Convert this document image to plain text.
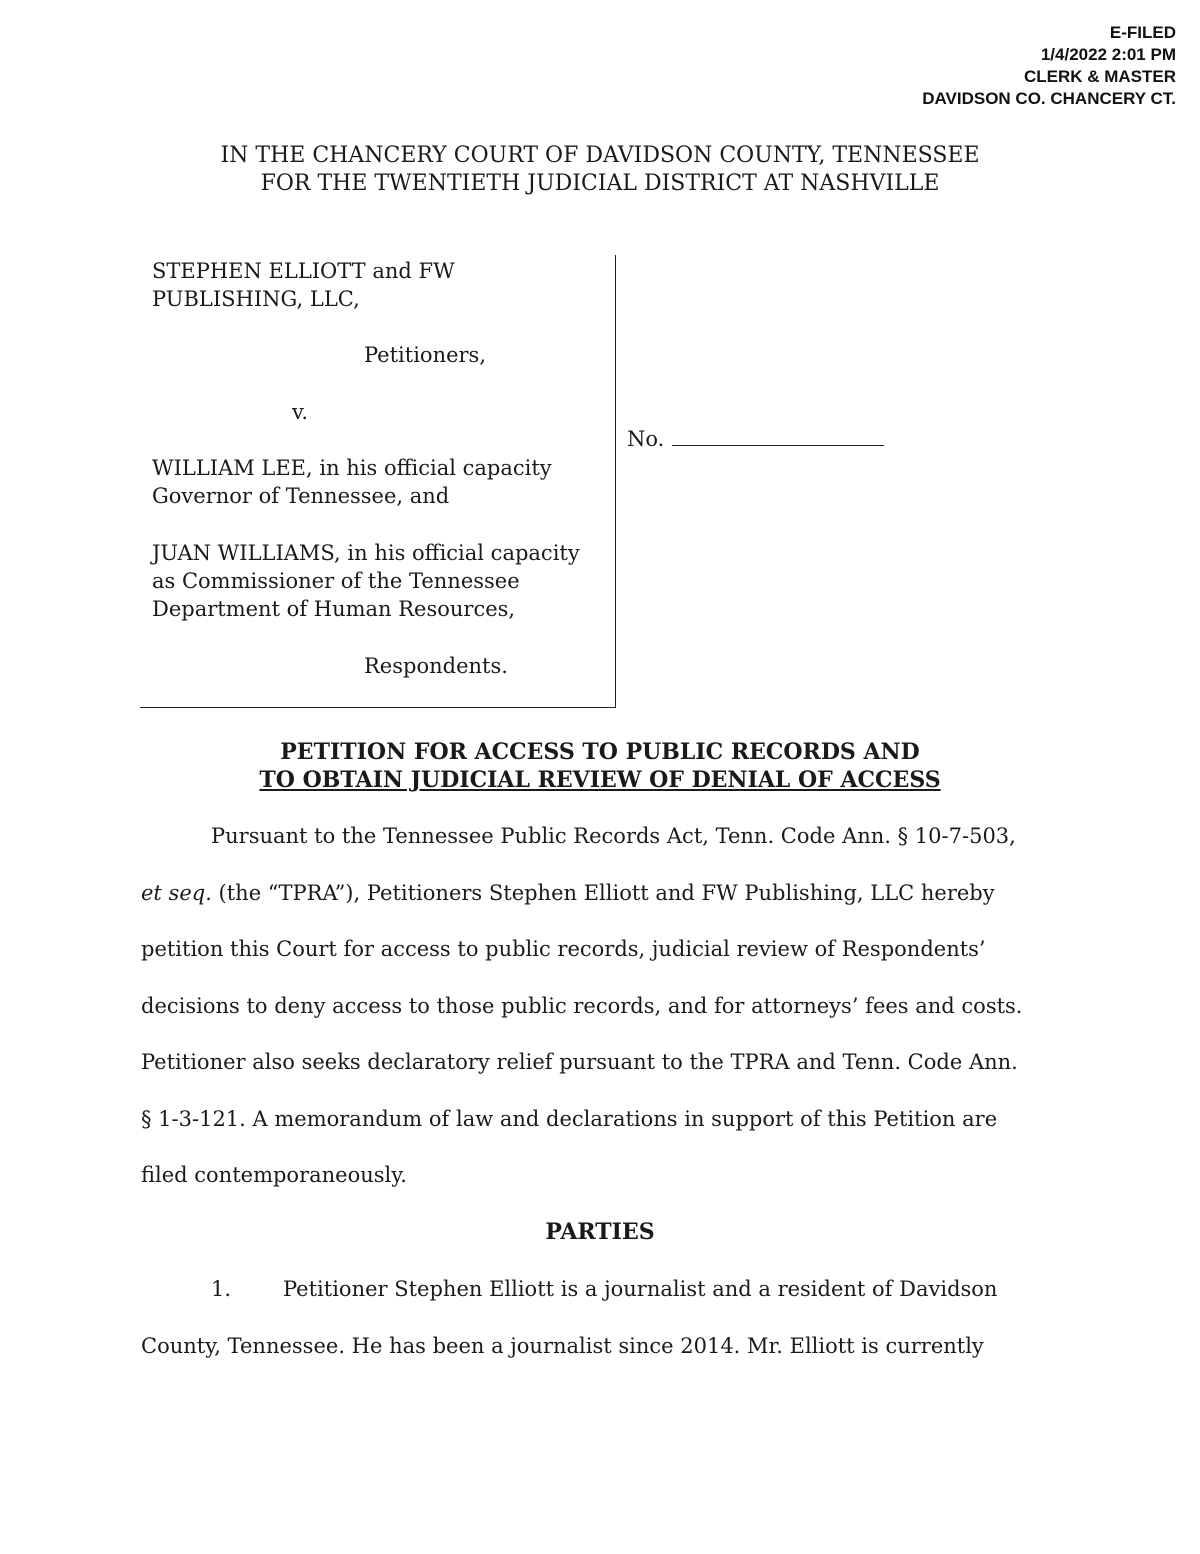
E-FILED
1/4/2022 2:01 PM
CLERK & MASTER
DAVIDSON CO. CHANCERY CT.
IN THE CHANCERY COURT OF DAVIDSON COUNTY, TENNESSEE
FOR THE TWENTIETH JUDICIAL DISTRICT AT NASHVILLE
STEPHEN ELLIOTT and FW
PUBLISHING, LLC,
Petitioners,
v.
WILLIAM LEE, in his official capacity
Governor of Tennessee, and
JUAN WILLIAMS, in his official capacity
as Commissioner of the Tennessee
Department of Human Resources,
Respondents.
No.
PETITION FOR ACCESS TO PUBLIC RECORDS AND
TO OBTAIN JUDICIAL REVIEW OF DENIAL OF ACCESS
Pursuant to the Tennessee Public Records Act, Tenn. Code Ann. § 10-7-503,
et seq. (the “TPRA”), Petitioners Stephen Elliott and FW Publishing, LLC hereby
petition this Court for access to public records, judicial review of Respondents’
decisions to deny access to those public records, and for attorneys’ fees and costs.
Petitioner also seeks declaratory relief pursuant to the TPRA and Tenn. Code Ann.
§ 1-3-121. A memorandum of law and declarations in support of this Petition are
filed contemporaneously.
PARTIES
1. Petitioner Stephen Elliott is a journalist and a resident of Davidson
County, Tennessee. He has been a journalist since 2014. Mr. Elliott is currently
